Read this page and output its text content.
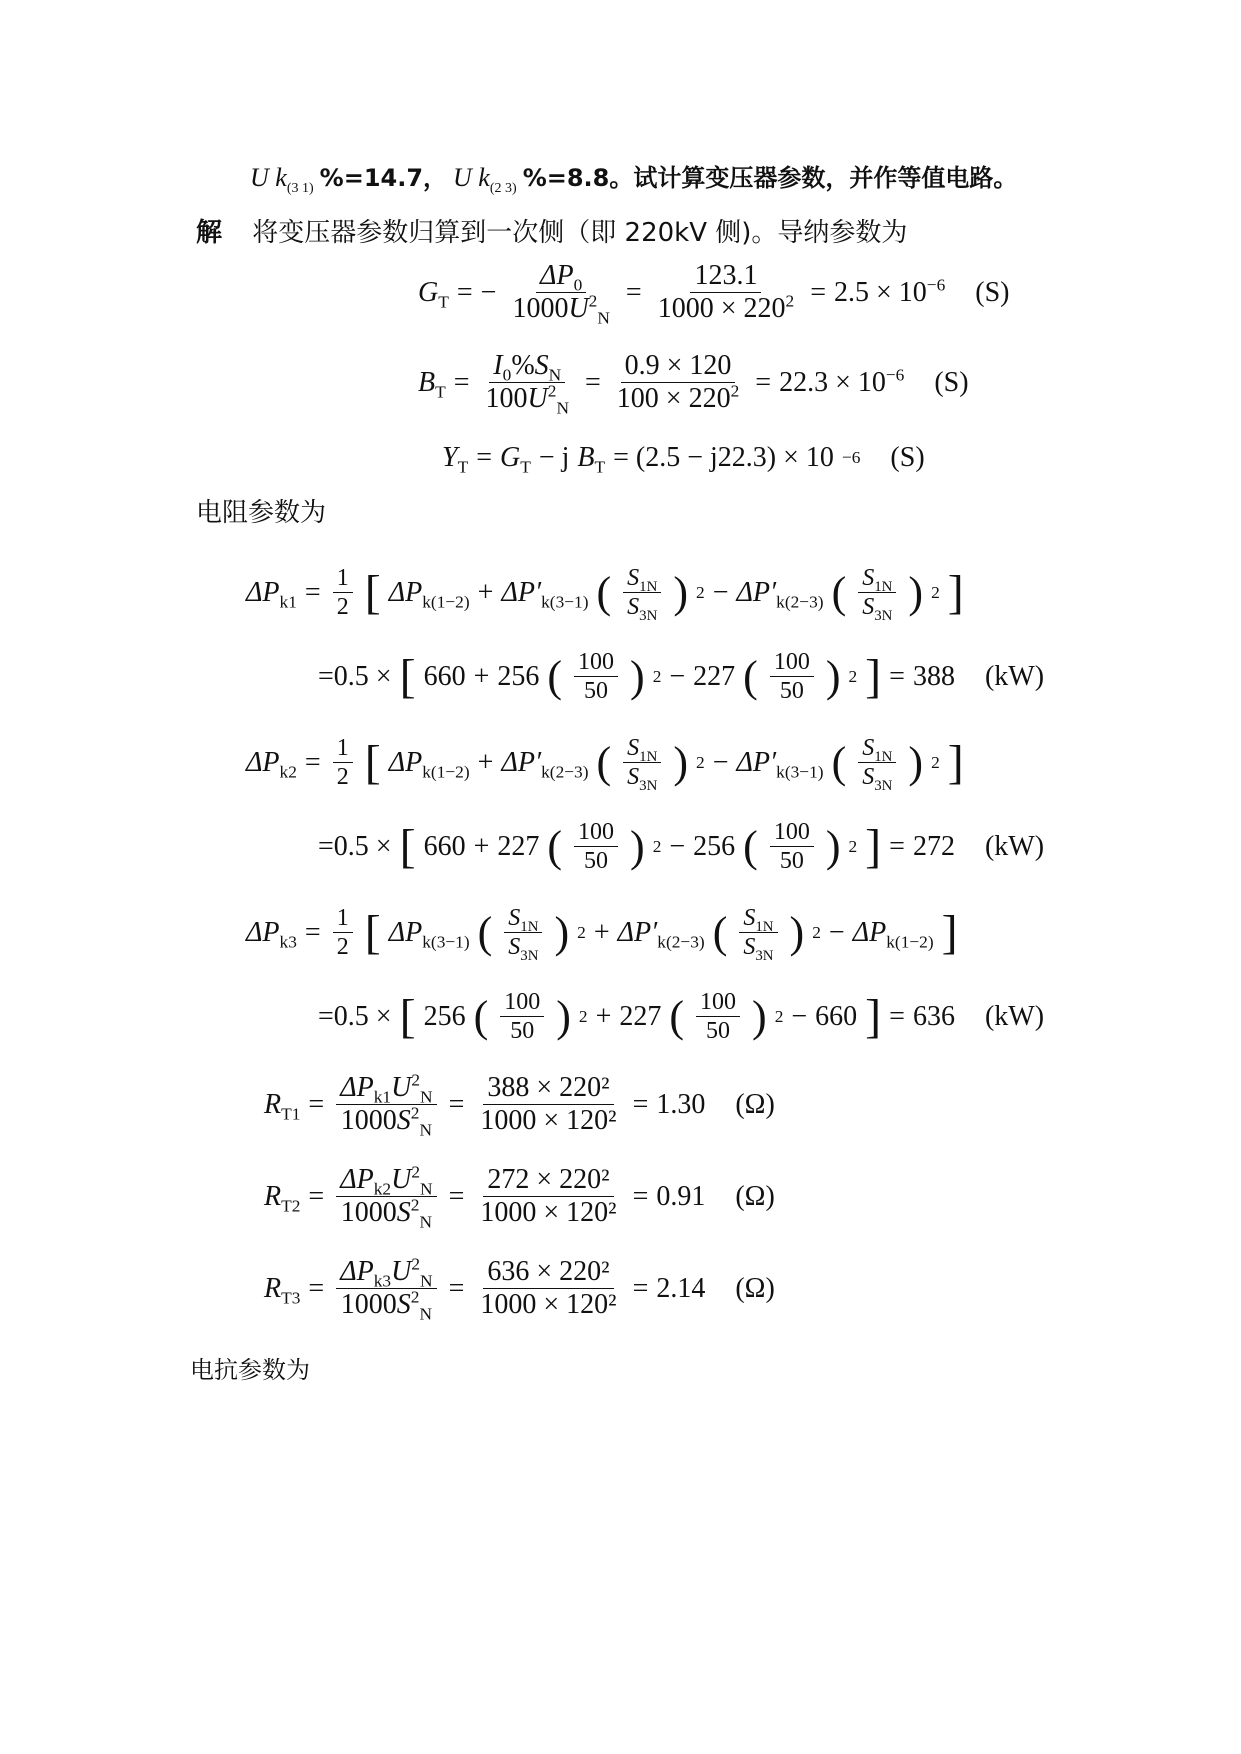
U $k_{(3 1)}$ %=14.7， U $k_{(2 3)}$ %=8.8。试计算变压器参数，并作等值电路。
解 将变压器参数归算到一次侧（即 220kV 侧)。导纳参数为
$G_T$ = − $\frac{\Delta P_0}{1000U^2_N} = \frac{123.1}{1000 \times 220^2} = 2.5 \times 10^{-6}$ (S)
$B_T = \frac{I_0\%S_N}{100U^2_N} = \frac{0.9 \times 120}{100 \times 220^2} = 22.3 \times 10^{-6}$ (S)
$Y_T = G_T - j$ $B_T = (2.5 - j22.3) \times 10 -6$ (S)
电阻参数为
$\Delta P_{k1} = \frac{1}{2}$ [ $\Delta P_{k(1-2)} + \Delta P'_{k(3-1)}$ ( $\frac{S_{1N}}{S_{3N}}$ ) $2 - \Delta P'_{k(2-3)}$ ( $\frac{S_{1N}}{S_{3N}}$ ) 2 ]
=0.5 × [ 660 + 256 ( $\frac{100}{50}$ ) 2 − 227 ( $\frac{100}{50}$ ) 2 ] = 388 (kW)
$\Delta P_{k2} = \frac{1}{2}$ [ $\Delta P_{k(1-2)} + \Delta P'_{k(2-3)}$ ( $\frac{S_{1N}}{S_{3N}}$ ) $2 - \Delta P'_{k(3-1)}$ ( $\frac{S_{1N}}{S_{3N}}$ ) 2 ]
=0.5 × [ 660 + 227 ( $\frac{100}{50}$ ) 2 − 256 ( $\frac{100}{50}$ ) 2 ] = 272 (kW)
$\Delta P_{k3} = \frac{1}{2}$ [ $\Delta P_{k(3-1)}$ ( $\frac{S_{1N}}{S_{3N}}$ ) $2 + \Delta P'_{k(2-3)}$ ( $\frac{S_{1N}}{S_{3N}}$ ) $2 - \Delta P_{k(1-2)}$ ]
=0.5 × [ 256 ( $\frac{100}{50}$ ) 2 + 227 ( $\frac{100}{50}$ ) 2 − 660 ] = 636 (kW)
$R_{T1} = \frac{\Delta P_{k1}U^2_N}{1000S^2_N} = \frac{\text{388 × 220²}}{\text{1000 × 120²}} = 1.30$ (Ω)
$R_{T2} = \frac{\Delta P_{k2}U^2_N}{1000S^2_N} = \frac{\text{272 × 220²}}{\text{1000 × 120²}} = 0.91$ (Ω)
$R_{T3} = \frac{\Delta P_{k3}U^2_N}{1000S^2_N} = \frac{\text{636 × 220²}}{\text{1000 × 120²}} = 2.14$ (Ω)
电抗参数为
